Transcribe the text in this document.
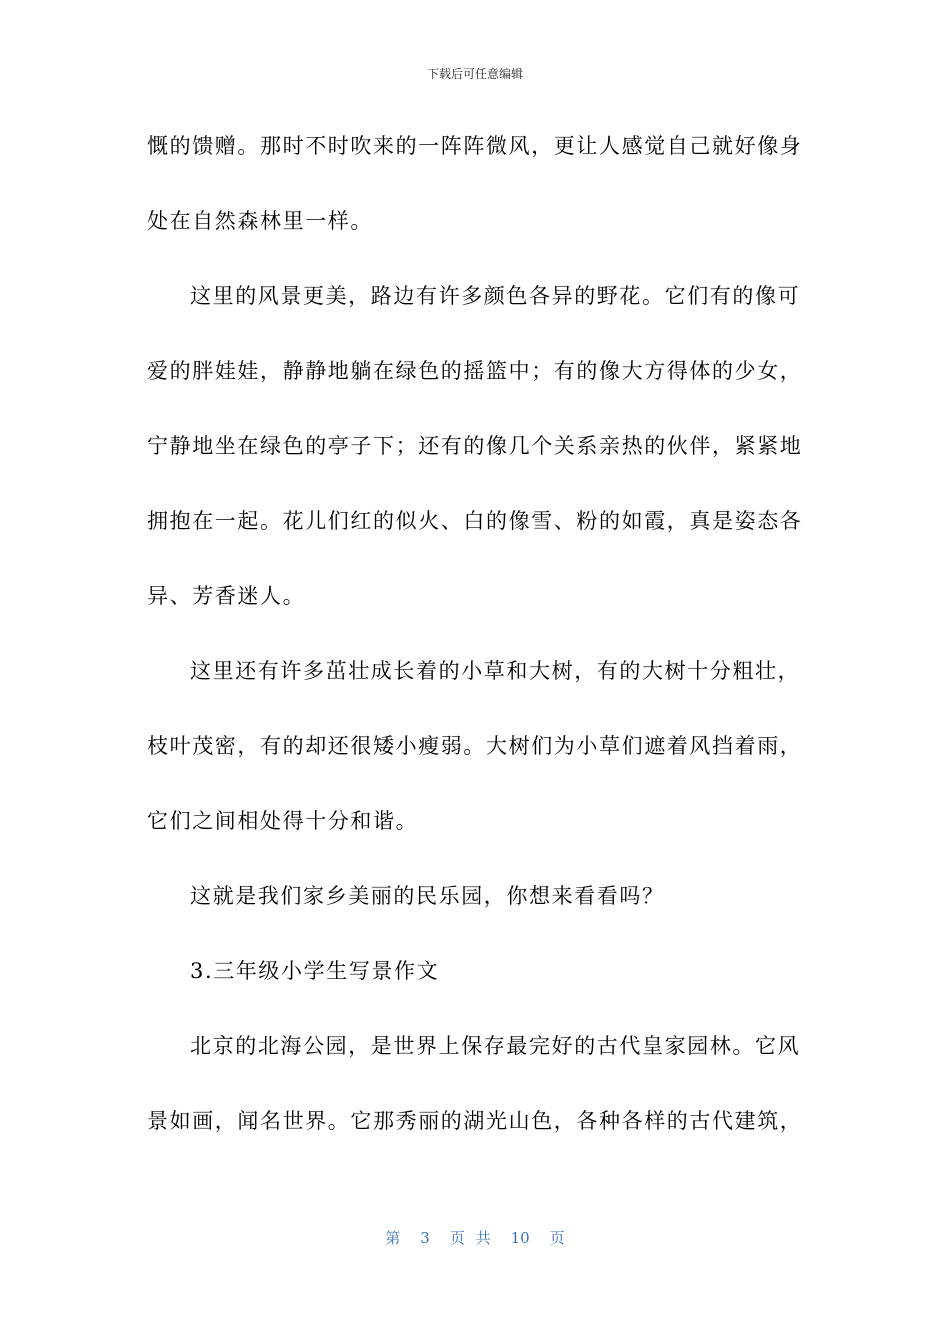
下载后可任意编辑
慨的馈赠。那时不时吹来的一阵阵微风，更让人感觉自己就好像身
处在自然森林里一样。
这里的风景更美，路边有许多颜色各异的野花。它们有的像可
爱的胖娃娃，静静地躺在绿色的摇篮中；有的像大方得体的少女，
宁静地坐在绿色的亭子下；还有的像几个关系亲热的伙伴，紧紧地
拥抱在一起。花儿们红的似火、白的像雪、粉的如霞，真是姿态各
异、芳香迷人。
这里还有许多茁壮成长着的小草和大树，有的大树十分粗壮，
枝叶茂密，有的却还很矮小瘦弱。大树们为小草们遮着风挡着雨，
它们之间相处得十分和谐。
这就是我们家乡美丽的民乐园，你想来看看吗？
3.三年级小学生写景作文
北京的北海公园，是世界上保存最完好的古代皇家园林。它风
景如画，闻名世界。它那秀丽的湖光山色，各种各样的古代建筑，
第 3 页 共 10 页
